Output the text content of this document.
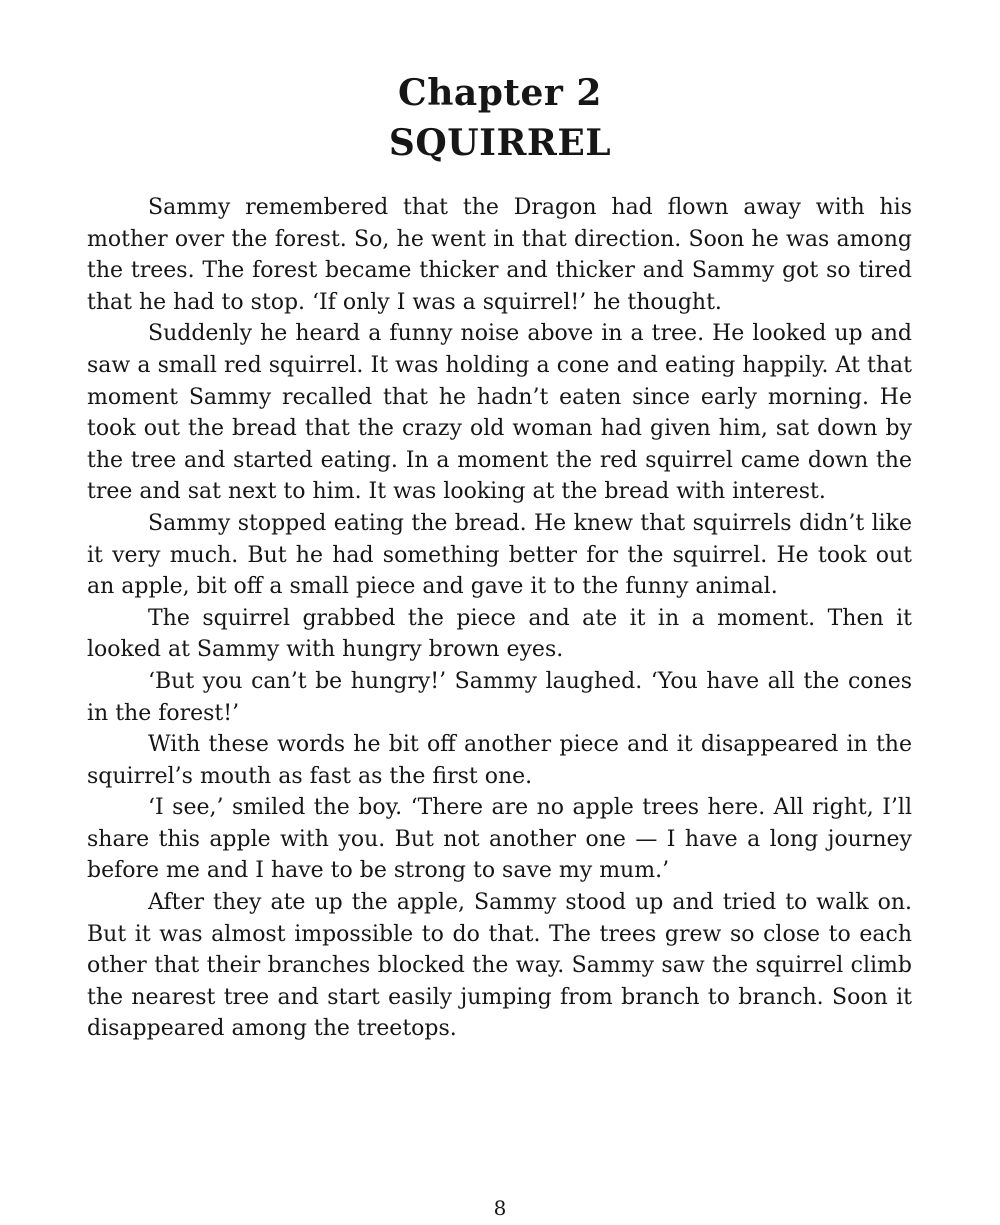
Chapter 2
SQUIRREL

Sammy remembered that the Dragon had flown away with his mother over the forest. So, he went in that direction. Soon he was among the trees. The forest became thicker and thicker and Sammy got so tired that he had to stop. ‘If only I was a squirrel!’ he thought.

Suddenly he heard a funny noise above in a tree. He looked up and saw a small red squirrel. It was holding a cone and eating happily. At that moment Sammy recalled that he hadn’t eaten since early morning. He took out the bread that the crazy old woman had given him, sat down by the tree and started eating. In a moment the red squirrel came down the tree and sat next to him. It was looking at the bread with interest.

Sammy stopped eating the bread. He knew that squirrels didn’t like it very much. But he had something better for the squirrel. He took out an apple, bit off a small piece and gave it to the funny animal.

The squirrel grabbed the piece and ate it in a moment. Then it looked at Sammy with hungry brown eyes.

‘But you can’t be hungry!’ Sammy laughed. ‘You have all the cones in the forest!’

With these words he bit off another piece and it disappeared in the squirrel’s mouth as fast as the first one.

‘I see,’ smiled the boy. ‘There are no apple trees here. All right, I’ll share this apple with you. But not another one — I have a long journey before me and I have to be strong to save my mum.’

After they ate up the apple, Sammy stood up and tried to walk on. But it was almost impossible to do that. The trees grew so close to each other that their branches blocked the way. Sammy saw the squirrel climb the nearest tree and start easily jumping from branch to branch. Soon it disappeared among the treetops.

8
